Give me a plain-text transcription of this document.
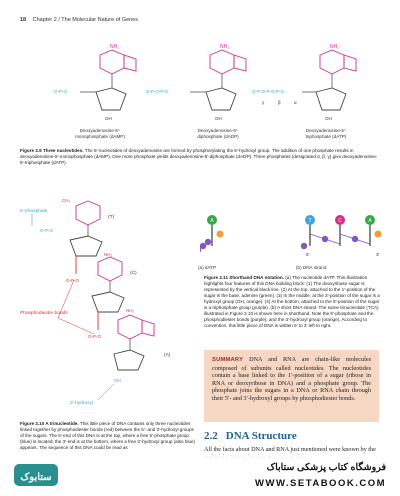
18 Chapter 2 / The Molecular Nature of Genes
NH₂
OH
O-P-O
NH₂
OH
O-P-O-P-O
NH₂
OH
O-P-O-P-O-P-O
γ	β	α
Deoxyadenosine-5′-
monophosphate (dAMP)
Deoxyadenosine-5′-
diphosphate (dADP)
Deoxyadenosine-5′-
triphosphate (dATP)
Figure 2.9 Three nucleotides. The 5′-nucleotides of deoxyadenosine are formed by phosphorylating the 5′-hydroxyl group. The addition of one phosphate results in deoxyadenosine-5′-monophosphate (dAMP). One more phosphate yields deoxyadenosine-5′-diphosphate (dADP). Three phosphates (designated α, β, γ) give deoxyadenosine-5′-triphosphate (dATP).
5′-phosphate
O-P-O
CH₃
(T)
O-P-O
NH₂
(C)
O-P-O
Phosphodiester bonds
NH₂
(A)
OH
3′-hydroxyl
A	T	C	A
5′	3′
(a) dATP	(b) DNA strand
Figure 2.11 Shorthand DNA notation. (a) The nucleotide dATP. This illustration highlights four features of this DNA building block: (1) The deoxyribose sugar is represented by the vertical black line. (2) At the top, attached to the 1′-position of the sugar is the base, adenine (green). (3) In the middle, at the 3′-position of the sugar is a hydroxyl group (OH, orange). (4) At the bottom, attached to the 5′-position of the sugar is a triphosphate group (purple). (b) A short DNA strand. The same trinucleotide (TCA) illustrated in Figure 2.10 is shown here in shorthand. Note the 5′-phosphate and the phosphodiester bonds (purple), and the 3′-hydroxyl group (orange). According to convention, this little piece of DNA is written 5′ to 3′ left to right.
Figure 2.10 A trinucleotide. This little piece of DNA contains only three nucleotides linked together by phosphodiester bonds (red) between the 5′- and 3′-hydroxyl groups of the sugars. The 5′-end of this DNA is at the top, where a free 5′-phosphate group (blue) is located; the 3′-end is at the bottom, where a free 3′-hydroxyl group (also blue) appears. The sequence of this DNA could be read as

SUMMARY DNA and RNA are chain-like molecules composed of subunits called nucleotides. The nucleotides contain a base linked to the 1′-position of a sugar (ribose in RNA or deoxyribose in DNA) and a phosphate group. The phosphate joins the sugars in a DNA or RNA chain through their 5′- and 3′-hydroxyl groups by phosphodiester bonds.

2.2 DNA Structure
All the facts about DNA and RNA just mentioned were known by the
ستابوک
فروشگاه کتاب پزشکی ستاباک
WWW.SETABOOK.COM
